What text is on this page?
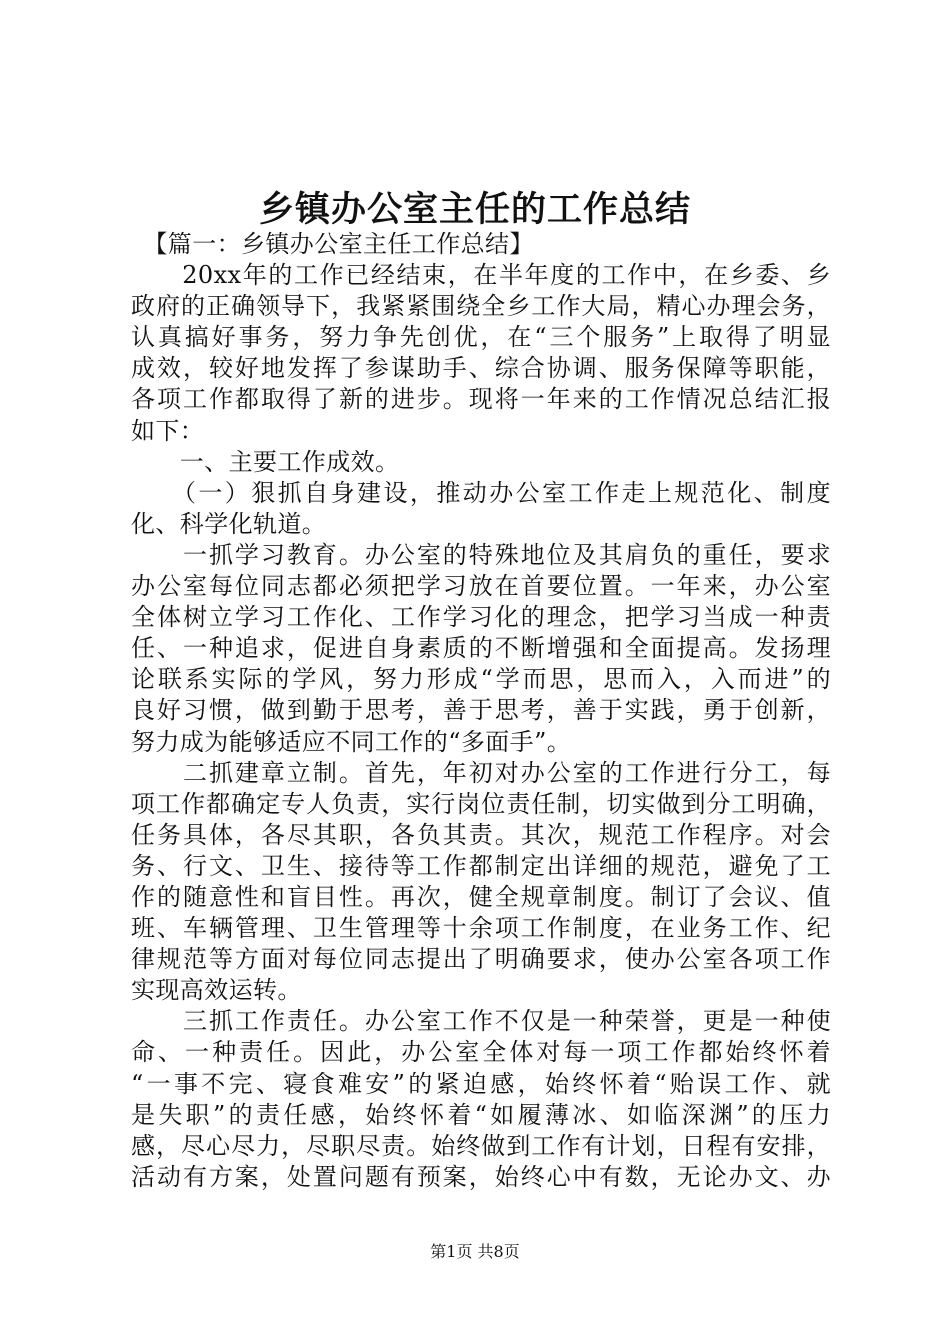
乡镇办公室主任的工作总结
　【篇一：乡镇办公室主任工作总结】
　　20xx年的工作已经结束，在半年度的工作中，在乡委、乡
政府的正确领导下，我紧紧围绕全乡工作大局，精心办理会务，
认真搞好事务，努力争先创优，在“三个服务”上取得了明显
成效，较好地发挥了参谋助手、综合协调、服务保障等职能，
各项工作都取得了新的进步。现将一年来的工作情况总结汇报
如下：
　　一、主要工作成效。
　　（一）狠抓自身建设，推动办公室工作走上规范化、制度
化、科学化轨道。
　　一抓学习教育。办公室的特殊地位及其肩负的重任，要求
办公室每位同志都必须把学习放在首要位置。一年来，办公室
全体树立学习工作化、工作学习化的理念，把学习当成一种责
任、一种追求，促进自身素质的不断增强和全面提高。发扬理
论联系实际的学风，努力形成“学而思，思而入，入而进”的
良好习惯，做到勤于思考，善于思考，善于实践，勇于创新，
努力成为能够适应不同工作的“多面手”。
　　二抓建章立制。首先，年初对办公室的工作进行分工，每
项工作都确定专人负责，实行岗位责任制，切实做到分工明确，
任务具体，各尽其职，各负其责。其次，规范工作程序。对会
务、行文、卫生、接待等工作都制定出详细的规范，避免了工
作的随意性和盲目性。再次，健全规章制度。制订了会议、值
班、车辆管理、卫生管理等十余项工作制度，在业务工作、纪
律规范等方面对每位同志提出了明确要求，使办公室各项工作
实现高效运转。
　　三抓工作责任。办公室工作不仅是一种荣誉，更是一种使
命、一种责任。因此，办公室全体对每一项工作都始终怀着
“一事不完、寝食难安”的紧迫感，始终怀着“贻误工作、就
是失职”的责任感，始终怀着“如履薄冰、如临深渊”的压力
感，尽心尽力，尽职尽责。始终做到工作有计划，日程有安排，
活动有方案，处置问题有预案，始终心中有数，无论办文、办
第1页 共8页
